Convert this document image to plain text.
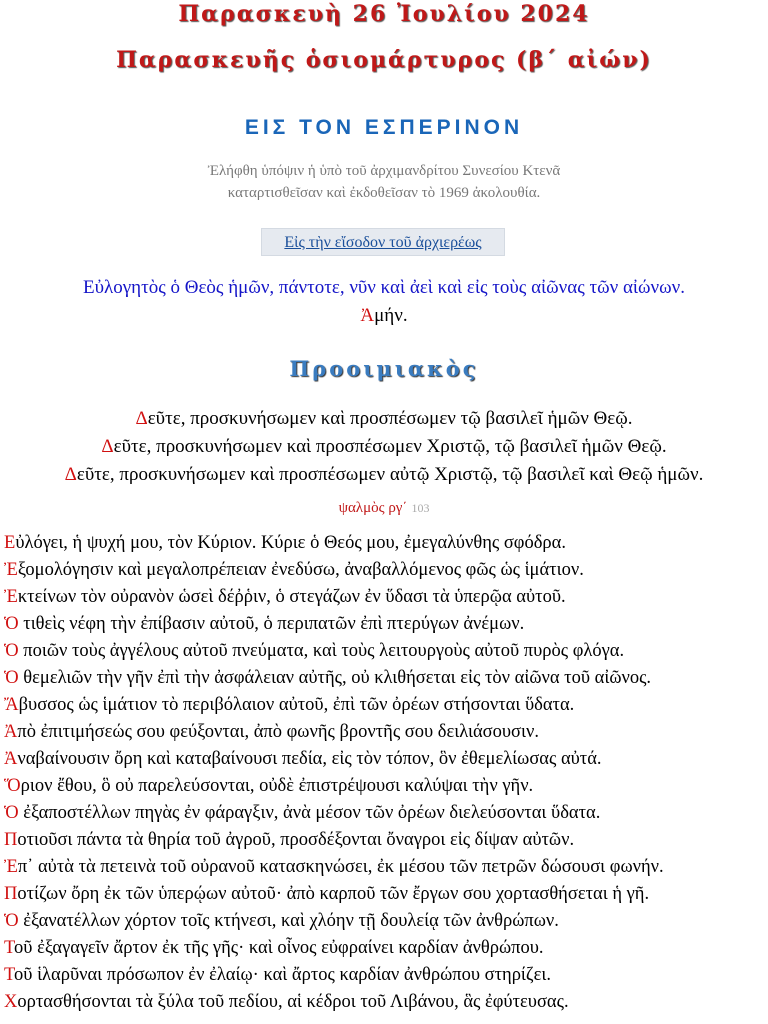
Παρασκευὴ 26 Ἰουλίου 2024
Παρασκευῆς ὁσιομάρτυρος (β΄ αἰών)
ΕΙΣ ΤΟΝ ΕΣΠΕΡΙΝΟΝ
Ἐλήφθη ὑπόψιν ἡ ὑπὸ τοῦ ἀρχιμανδρίτου Συνεσίου Κτενᾶ
καταρτισθεῖσαν καὶ ἐκδοθεῖσαν τὸ 1969 ἀκολουθία.
Εἰς τὴν εἴσοδον τοῦ ἀρχιερέως
Εὐλογητὸς ὁ Θεὸς ἡμῶν, πάντοτε, νῦν καὶ ἀεὶ καὶ εἰς τοὺς αἰῶνας τῶν αἰώνων.
Ἀμήν.
Προοιμιακὸς
Δεῦτε, προσκυνήσωμεν καὶ προσπέσωμεν τῷ βασιλεῖ ἡμῶν Θεῷ.
Δεῦτε, προσκυνήσωμεν καὶ προσπέσωμεν Χριστῷ, τῷ βασιλεῖ ἡμῶν Θεῷ.
Δεῦτε, προσκυνήσωμεν καὶ προσπέσωμεν αὐτῷ Χριστῷ, τῷ βασιλεῖ καὶ Θεῷ ἡμῶν.
ψαλμὸς ργ΄ 103
Εὐλόγει, ἡ ψυχή μου, τὸν Κύριον. Κύριε ὁ Θεός μου, ἐμεγαλύνθης σφόδρα.
Ἐξομολόγησιν καὶ μεγαλοπρέπειαν ἐνεδύσω, ἀναβαλλόμενος φῶς ὡς ἱμάτιον.
Ἐκτείνων τὸν οὐρανὸν ὡσεὶ δέῤῥιν, ὁ στεγάζων ἐν ὕδασι τὰ ὑπερῷα αὐτοῦ.
Ὁ τιθεὶς νέφη τὴν ἐπίβασιν αὐτοῦ, ὁ περιπατῶν ἐπὶ πτερύγων ἀνέμων.
Ὁ ποιῶν τοὺς ἀγγέλους αὐτοῦ πνεύματα, καὶ τοὺς λειτουργοὺς αὐτοῦ πυρὸς φλόγα.
Ὁ θεμελιῶν τὴν γῆν ἐπὶ τὴν ἀσφάλειαν αὐτῆς, οὐ κλιθήσεται εἰς τὸν αἰῶνα τοῦ αἰῶνος.
Ἄβυσσος ὡς ἱμάτιον τὸ περιβόλαιον αὐτοῦ, ἐπὶ τῶν ὀρέων στήσονται ὕδατα.
Ἀπὸ ἐπιτιμήσεώς σου φεύξονται, ἀπὸ φωνῆς βροντῆς σου δειλιάσουσιν.
Ἀναβαίνουσιν ὄρη καὶ καταβαίνουσι πεδία, εἰς τὸν τόπον, ὃν ἐθεμελίωσας αὐτά.
Ὅριον ἔθου, ὃ οὐ παρελεύσονται, οὐδὲ ἐπιστρέψουσι καλύψαι τὴν γῆν.
Ὁ ἐξαποστέλλων πηγὰς ἐν φάραγξιν, ἀνὰ μέσον τῶν ὀρέων διελεύσονται ὕδατα.
Ποτιοῦσι πάντα τὰ θηρία τοῦ ἀγροῦ, προσδέξονται ὄναγροι εἰς δίψαν αὐτῶν.
Ἐπ᾽ αὐτὰ τὰ πετεινὰ τοῦ οὐρανοῦ κατασκηνώσει, ἐκ μέσου τῶν πετρῶν δώσουσι φωνήν.
Ποτίζων ὄρη ἐκ τῶν ὑπερῴων αὐτοῦ· ἀπὸ καρποῦ τῶν ἔργων σου χορτασθήσεται ἡ γῆ.
Ὁ ἐξανατέλλων χόρτον τοῖς κτήνεσι, καὶ χλόην τῇ δουλείᾳ τῶν ἀνθρώπων.
Τοῦ ἐξαγαγεῖν ἄρτον ἐκ τῆς γῆς· καὶ οἶνος εὐφραίνει καρδίαν ἀνθρώπου.
Τοῦ ἱλαρῦναι πρόσωπον ἐν ἐλαίῳ· καὶ ἄρτος καρδίαν ἀνθρώπου στηρίζει.
Χορτασθήσονται τὰ ξύλα τοῦ πεδίου, αἱ κέδροι τοῦ Λιβάνου, ἃς ἐφύτευσας.
